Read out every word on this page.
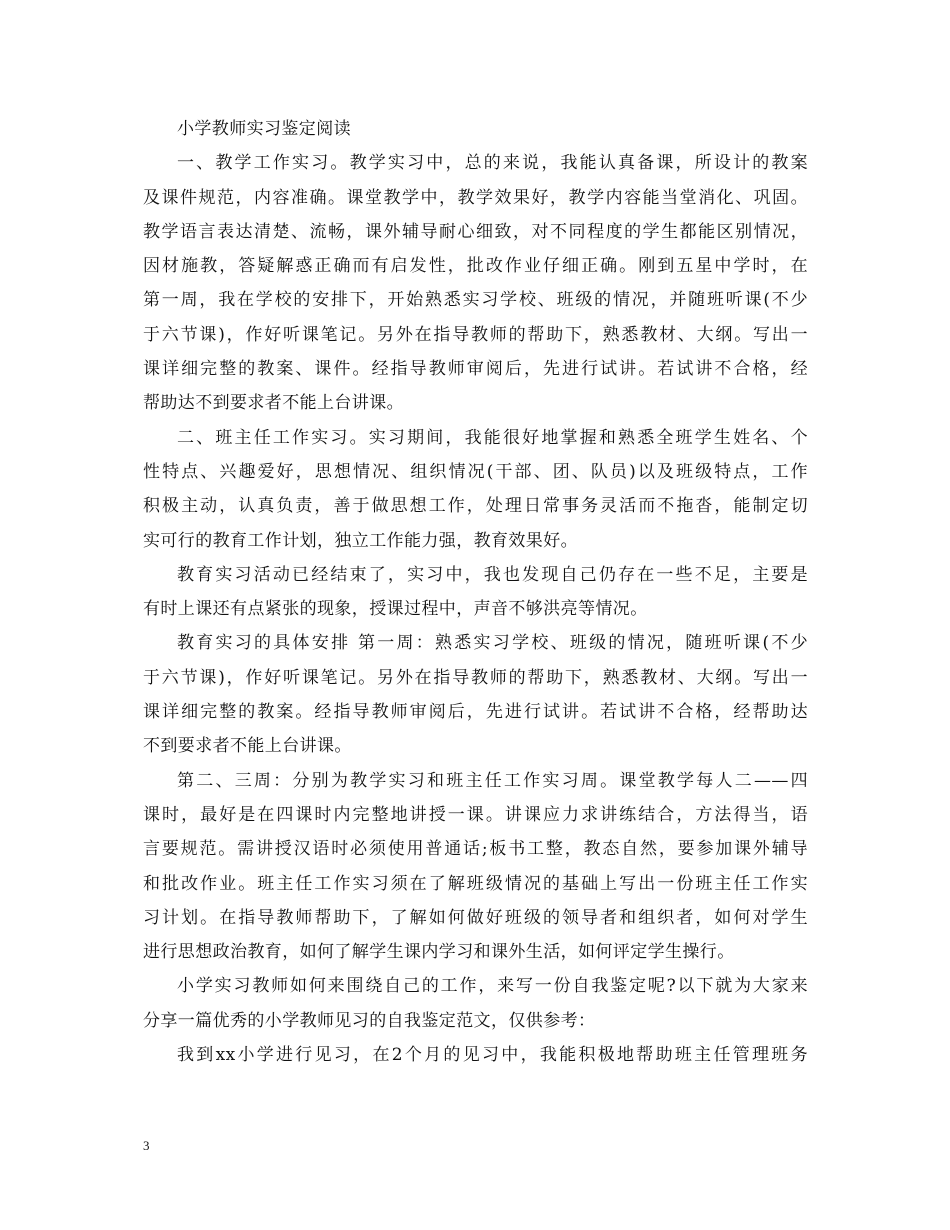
小学教师实习鉴定阅读
一、教学工作实习。教学实习中，总的来说，我能认真备课，所设计的教案
及课件规范，内容准确。课堂教学中，教学效果好，教学内容能当堂消化、巩固。
教学语言表达清楚、流畅，课外辅导耐心细致，对不同程度的学生都能区别情况，
因材施教，答疑解惑正确而有启发性，批改作业仔细正确。刚到五星中学时，在
第一周，我在学校的安排下，开始熟悉实习学校、班级的情况，并随班听课(不少
于六节课)，作好听课笔记。另外在指导教师的帮助下，熟悉教材、大纲。写出一
课详细完整的教案、课件。经指导教师审阅后，先进行试讲。若试讲不合格，经
帮助达不到要求者不能上台讲课。
二、班主任工作实习。实习期间，我能很好地掌握和熟悉全班学生姓名、个
性特点、兴趣爱好，思想情况、组织情况(干部、团、队员)以及班级特点，工作
积极主动，认真负责，善于做思想工作，处理日常事务灵活而不拖沓，能制定切
实可行的教育工作计划，独立工作能力强，教育效果好。
教育实习活动已经结束了，实习中，我也发现自己仍存在一些不足，主要是
有时上课还有点紧张的现象，授课过程中，声音不够洪亮等情况。
教育实习的具体安排 第一周：熟悉实习学校、班级的情况，随班听课(不少
于六节课)，作好听课笔记。另外在指导教师的帮助下，熟悉教材、大纲。写出一
课详细完整的教案。经指导教师审阅后，先进行试讲。若试讲不合格，经帮助达
不到要求者不能上台讲课。
第二、三周：分别为教学实习和班主任工作实习周。课堂教学每人二——四
课时，最好是在四课时内完整地讲授一课。讲课应力求讲练结合，方法得当，语
言要规范。需讲授汉语时必须使用普通话;板书工整，教态自然，要参加课外辅导
和批改作业。班主任工作实习须在了解班级情况的基础上写出一份班主任工作实
习计划。在指导教师帮助下，了解如何做好班级的领导者和组织者，如何对学生
进行思想政治教育，如何了解学生课内学习和课外生活，如何评定学生操行。
小学实习教师如何来围绕自己的工作，来写一份自我鉴定呢?以下就为大家来
分享一篇优秀的小学教师见习的自我鉴定范文，仅供参考：
我到xx小学进行见习，在2个月的见习中，我能积极地帮助班主任管理班务
3
